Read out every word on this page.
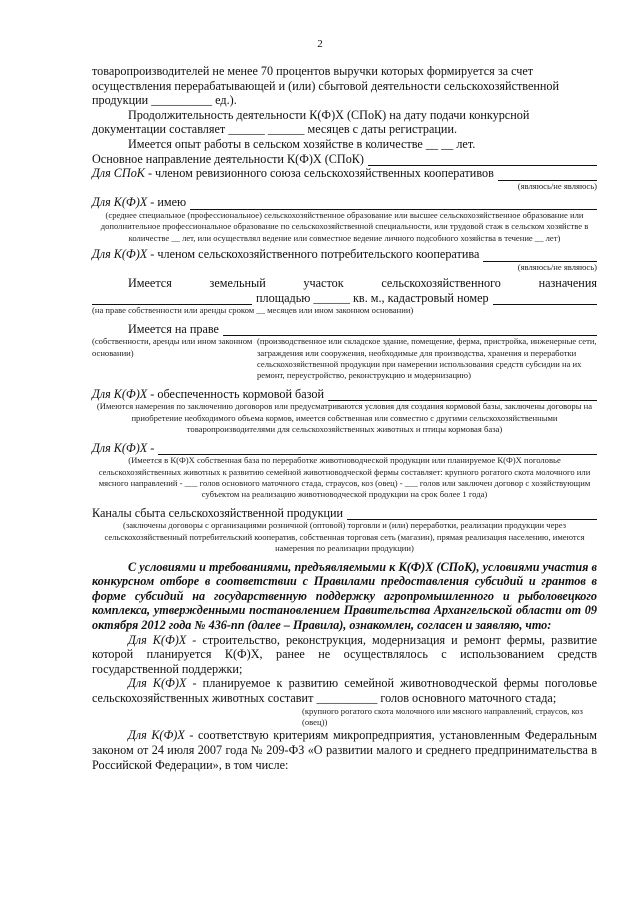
2

товаропроизводителей не менее 70 процентов выручки которых формируется за счет

осуществления перерабатывающей и (или) сбытовой деятельности сельскохозяйственной

продукции __________ ед.).

Продолжительность деятельности К(Ф)Х (СПоК) на дату подачи конкурсной

документации составляет ______ ______ месяцев с даты регистрации.

Имеется опыт работы в сельском хозяйстве в количестве __ __ лет.

Основное направление деятельности К(Ф)Х (СПоК)
Для СПоК - членом ревизионного союза сельскохозяйственных кооперативов

(являюсь/не являюсь)

Для К(Ф)Х - имею

(среднее специальное (профессиональное) сельскохозяйственное образование или высшее сельскохозяйственное образование или дополнительное профессиональное образование по сельскохозяйственной специальности, или трудовой стаж в сельском хозяйстве в количестве __ лет, или осуществлял ведение или совместное ведение личного подсобного хозяйства в течение __ лет)

Для К(Ф)Х - членом сельскохозяйственного потребительского кооператива

(являюсь/не являюсь)

Имеется	земельный	участок	сельскохозяйственного	назначения
площадью ______ кв. м., кадастровый номер

(на праве собственности или аренды сроком __ месяцев или ином законном основании)

Имеется на праве

(собственности, аренды или ином законном основании)

(производственное или складское здание, помещение, ферма, пристройка, инженерные сети, заграждения или сооружения, необходимые для производства, хранения и переработки сельскохозяйственной продукции при намерении использования средств субсидии на их ремонт, переустройство, реконструкцию и модернизацию)

Для К(Ф)Х - обеспеченность кормовой базой

(Имеются намерения по заключению договоров или предусматриваются условия для создания кормовой базы, заключены договоры на приобретение необходимого объема кормов, имеется собственная или совместно с другими сельскохозяйственными товаропроизводителями для сельскохозяйственных животных и птицы кормовая база)

Для К(Ф)Х -

(Имеется в К(Ф)Х собственная база по переработке животноводческой продукции или планируемое К(Ф)Х поголовье сельскохозяйственных животных к развитию семейной животноводческой фермы составляет: крупного рогатого скота молочного или мясного направлений - ___ голов основного маточного стада, страусов, коз (овец) - ___ голов или заключен договор с хозяйствующим субъектом на реализацию животноводческой продукции на срок более 1 года)

Каналы сбыта сельскохозяйственной продукции

(заключены договоры с организациями розничной (оптовой) торговли и (или) переработки, реализации продукции через сельскохозяйственный потребительский кооператив, собственная торговая сеть (магазин), прямая реализация населению, имеются намерения по реализации продукции)

С условиями и требованиями, предъявляемыми к К(Ф)Х (СПоК), условиями участия в конкурсном отборе в соответствии с Правилами предоставления субсидий и грантов в форме субсидий на государственную поддержку агропромышленного и рыболовецкого комплекса, утвержденными постановлением Правительства Архангельской области от 09 октября 2012 года № 436-пп (далее – Правила), ознакомлен, согласен и заявляю, что:

Для К(Ф)Х - строительство, реконструкция, модернизация и ремонт фермы, развитие которой планируется К(Ф)Х, ранее не осуществлялось с использованием средств государственной поддержки;

Для К(Ф)Х - планируемое к развитию семейной животноводческой фермы поголовье сельскохозяйственных животных составит __________ голов основного маточного стада;

(крупного рогатого скота молочного или мясного направлений, страусов, коз (овец))

Для К(Ф)Х - соответствую критериям микропредприятия, установленным Федеральным законом от 24 июля 2007 года № 209-ФЗ «О развитии малого и среднего предпринимательства в Российской Федерации», в том числе:
